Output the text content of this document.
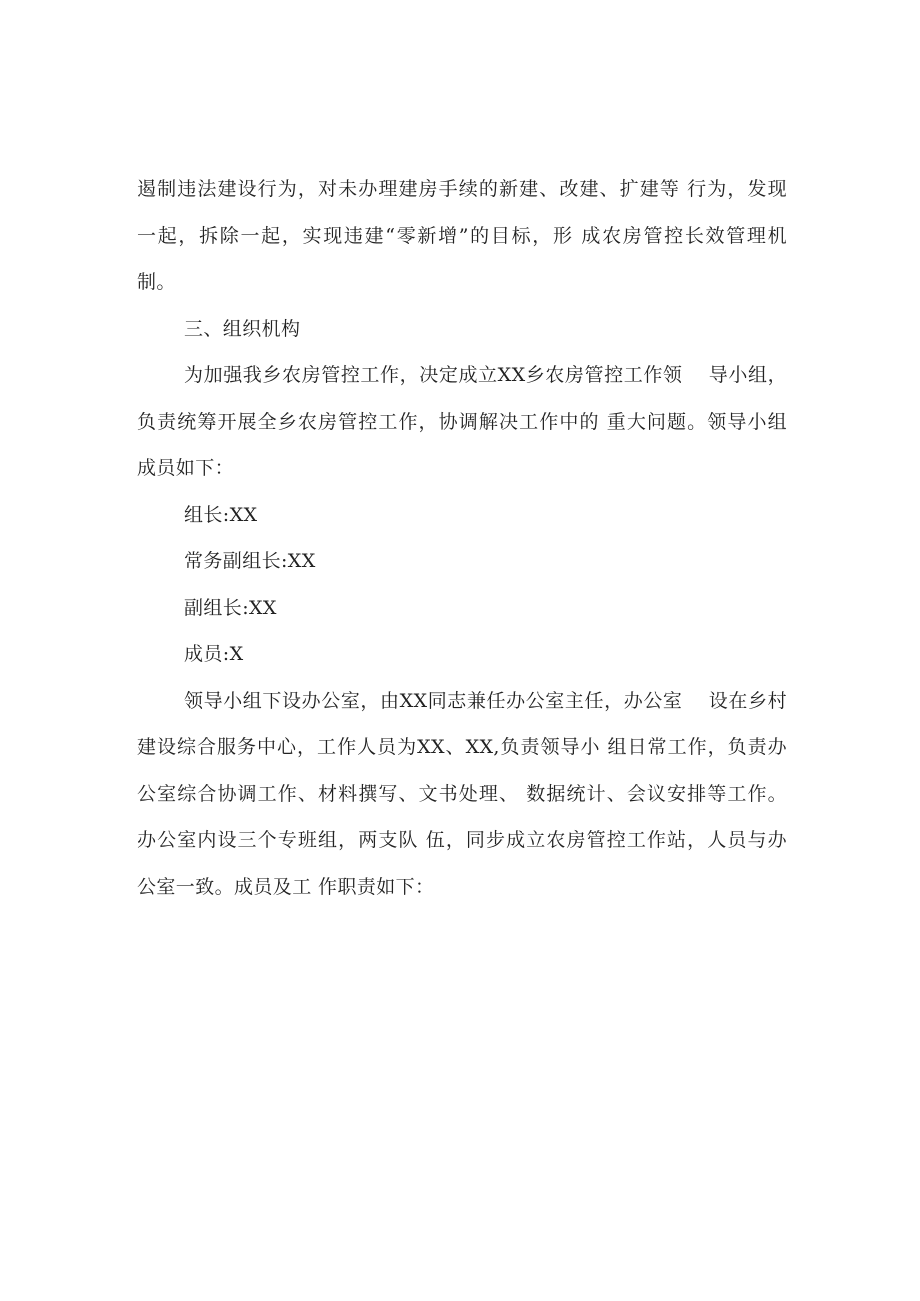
遏制违法建设行为，对未办理建房手续的新建、改建、扩建等 行为，发现
一起，拆除一起，实现违建“零新增”的目标，形 成农房管控长效管理机
制。

三、组织机构

为加强我乡农房管控工作，决定成立XX乡农房管控工作领　 导小组，
负责统筹开展全乡农房管控工作，协调解决工作中的 重大问题。领导小组
成员如下：

组长:XX

常务副组长:XX

副组长:XX

成员:X

领导小组下设办公室，由XX同志兼任办公室主任，办公室　 设在乡村
建设综合服务中心，工作人员为XX、XX,负责领导小 组日常工作，负责办
公室综合协调工作、材料撰写、文书处理、 数据统计、会议安排等工作。
办公室内设三个专班组，两支队 伍，同步成立农房管控工作站，人员与办
公室一致。成员及工 作职责如下：
